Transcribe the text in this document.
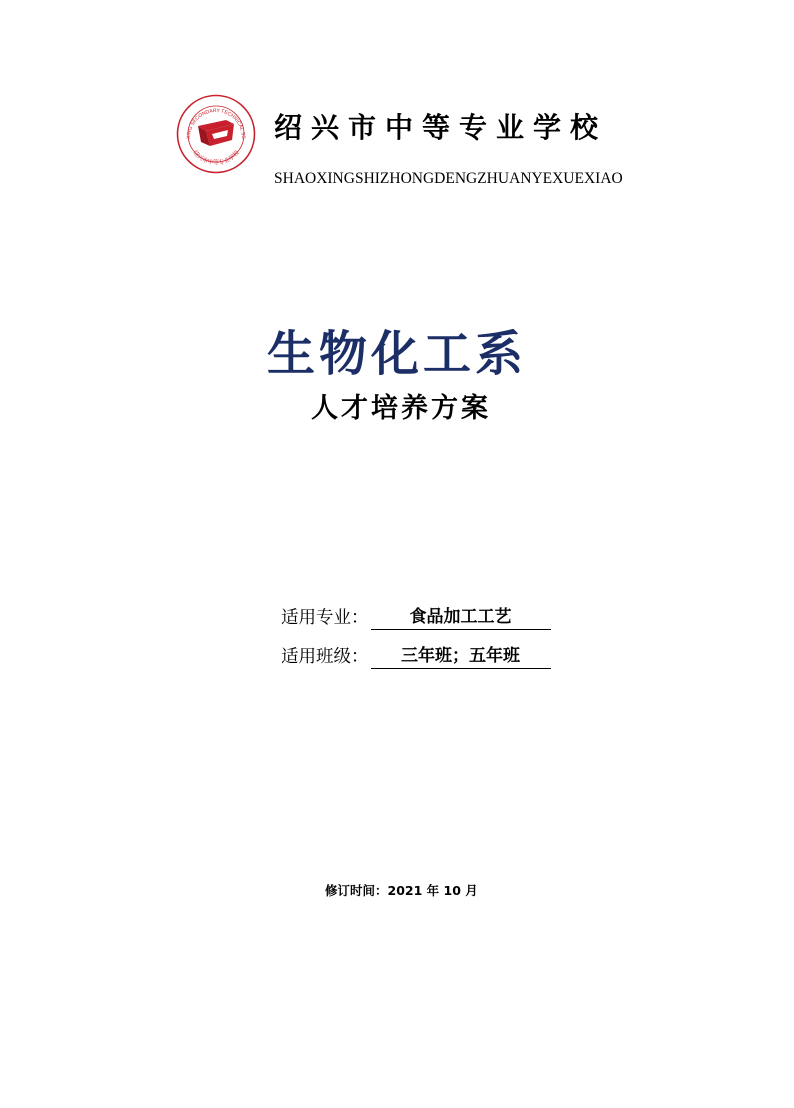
XING SECONDARY TECHNICAL SC
绍兴市中等专业学校
绍兴市中等专业学校
SHAOXINGSHIZHONGDENGZHUANYEXUEXIAO
生物化工系
人才培养方案
适用专业：	食品加工工艺
适用班级：	三年班；五年班
修订时间：2021 年 10 月
